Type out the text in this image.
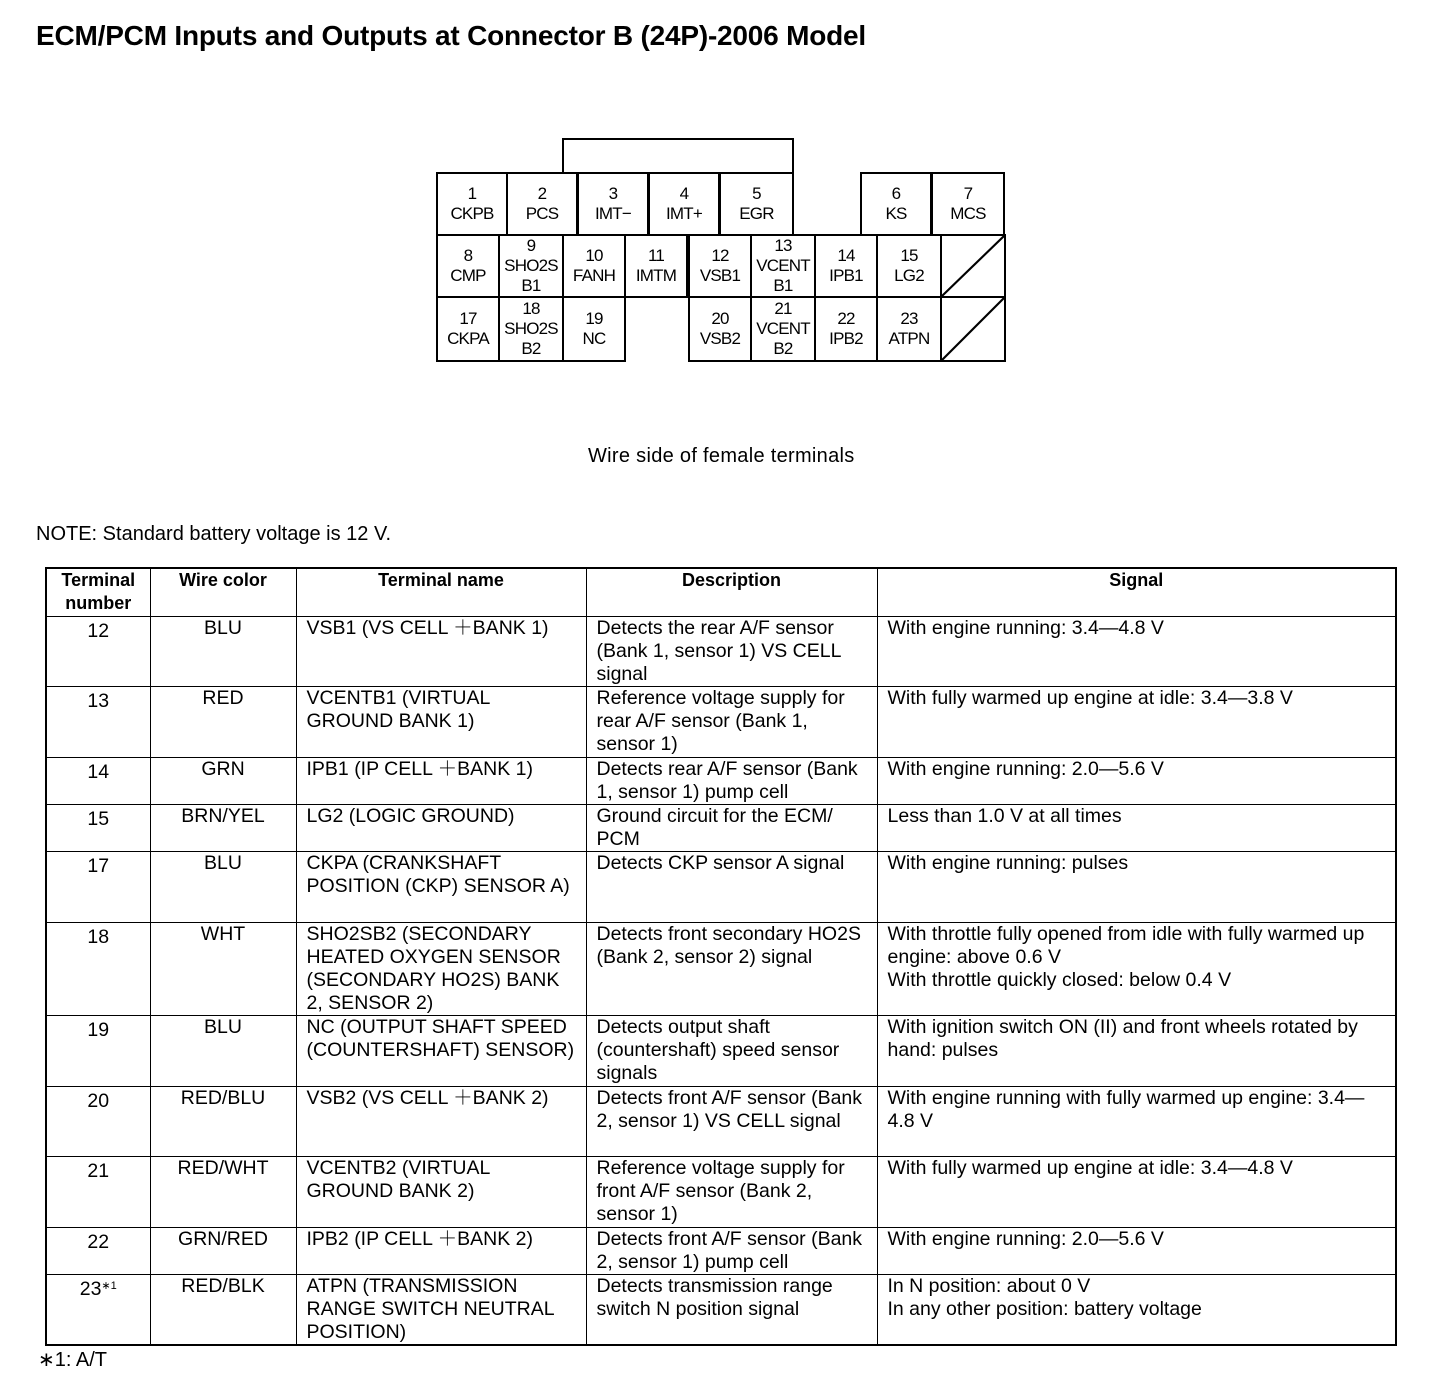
ECM/PCM Inputs and Outputs at Connector B (24P)-2006 Model
1
CKPB
2
PCS
3
IMT−
4
IMT+
5
EGR
6
KS
7
MCS
8
CMP
9
SHO2S
B1
10
FANH
11
IMTM
12
VSB1
13
VCENT
B1
14
IPB1
15
LG2
17
CKPA
18
SHO2S
B2
19
NC
20
VSB2
21
VCENT
B2
22
IPB2
23
ATPN
Wire side of female terminals
NOTE: Standard battery voltage is 12 V.
Terminal number	Wire color	Terminal name	Description	Signal
12	BLU	VSB1 (VS CELL ＋BANK 1)	Detects the rear A/F sensor (Bank 1, sensor 1) VS CELL signal	With engine running: 3.4—4.8 V
13	RED	VCENTB1 (VIRTUAL GROUND BANK 1)	Reference voltage supply for rear A/F sensor (Bank 1, sensor 1)	With fully warmed up engine at idle: 3.4—3.8 V
14	GRN	IPB1 (IP CELL ＋BANK 1)	Detects rear A/F sensor (Bank 1, sensor 1) pump cell	With engine running: 2.0—5.6 V
15	BRN/YEL	LG2 (LOGIC GROUND)	Ground circuit for the ECM/ PCM	Less than 1.0 V at all times
17	BLU	CKPA (CRANKSHAFT POSITION (CKP) SENSOR A)	Detects CKP sensor A signal	With engine running: pulses
18	WHT	SHO2SB2 (SECONDARY HEATED OXYGEN SENSOR (SECONDARY HO2S) BANK 2, SENSOR 2)	Detects front secondary HO2S (Bank 2, sensor 2) signal	With throttle fully opened from idle with fully warmed up engine: above 0.6 V
With throttle quickly closed: below 0.4 V
19	BLU	NC (OUTPUT SHAFT SPEED (COUNTERSHAFT) SENSOR)	Detects output shaft (countershaft) speed sensor signals	With ignition switch ON (II) and front wheels rotated by hand: pulses
20	RED/BLU	VSB2 (VS CELL ＋BANK 2)	Detects front A/F sensor (Bank 2, sensor 1) VS CELL signal	With engine running with fully warmed up engine: 3.4—4.8 V
21	RED/WHT	VCENTB2 (VIRTUAL GROUND BANK 2)	Reference voltage supply for front A/F sensor (Bank 2, sensor 1)	With fully warmed up engine at idle: 3.4—4.8 V
22	GRN/RED	IPB2 (IP CELL ＋BANK 2)	Detects front A/F sensor (Bank 2, sensor 1) pump cell	With engine running: 2.0—5.6 V
$23^{∗1}$	RED/BLK	ATPN (TRANSMISSION RANGE SWITCH NEUTRAL POSITION)	Detects transmission range switch N position signal	In N position: about 0 V
In any other position: battery voltage
∗1: A/T
